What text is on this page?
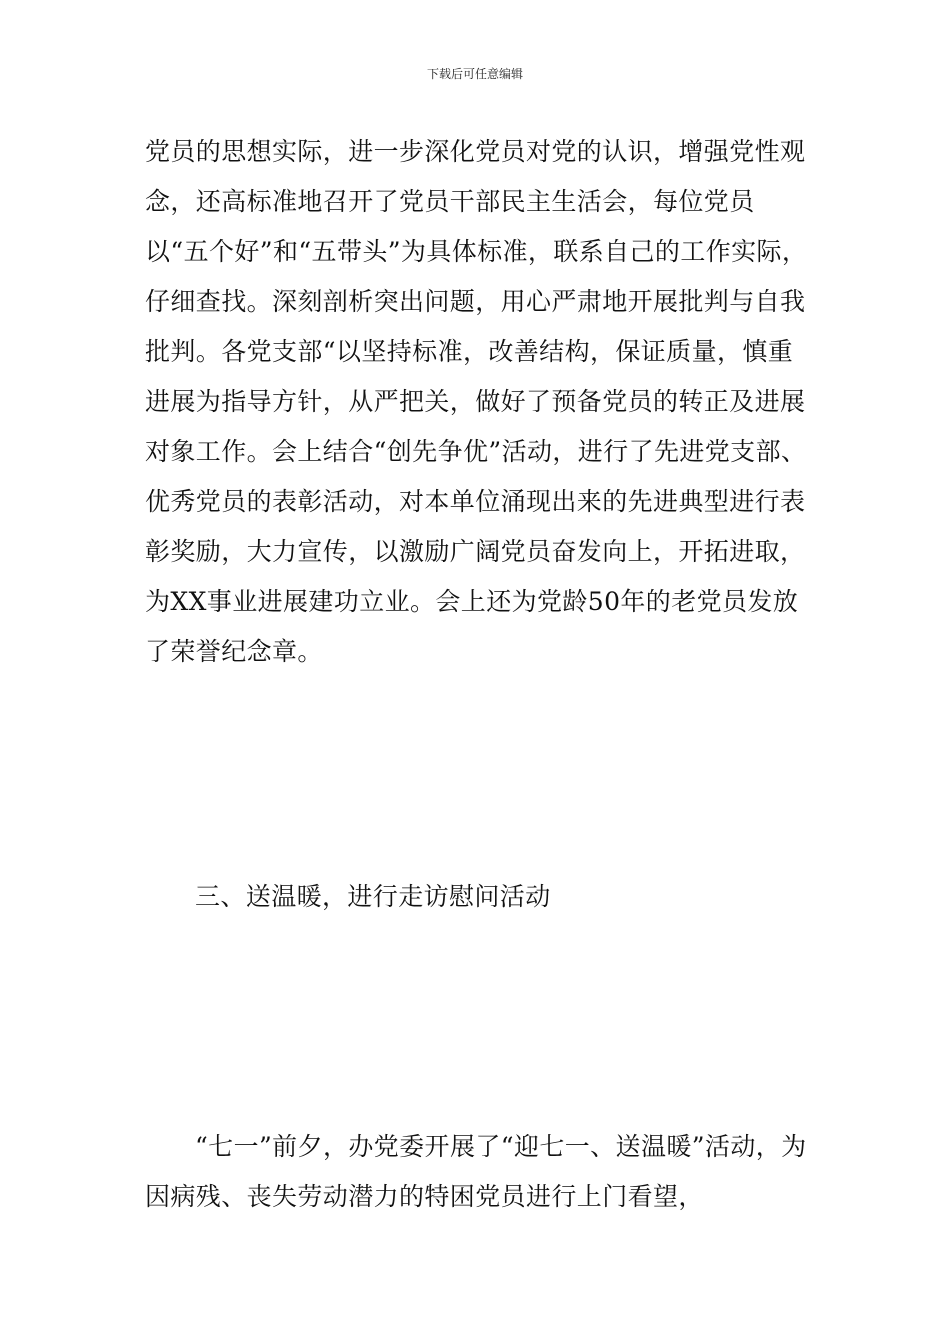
下载后可任意编辑

党员的思想实际，进一步深化党员对党的认识，增强党性观念，还高标准地召开了党员干部民主生活会，每位党员以“五个好”和“五带头”为具体标准，联系自己的工作实际，仔细查找。深刻剖析突出问题，用心严肃地开展批判与自我批判。各党支部“以坚持标准，改善结构，保证质量，慎重进展为指导方针，从严把关，做好了预备党员的转正及进展对象工作。会上结合“创先争优”活动，进行了先进党支部、优秀党员的表彰活动，对本单位涌现出来的先进典型进行表彰奖励，大力宣传，以激励广阔党员奋发向上，开拓进取，为XX事业进展建功立业。会上还为党龄50年的老党员发放了荣誉纪念章。

三、送温暖，进行走访慰问活动

“七一”前夕，办党委开展了“迎七一、送温暖”活动，为因病残、丧失劳动潜力的特困党员进行上门看望，
